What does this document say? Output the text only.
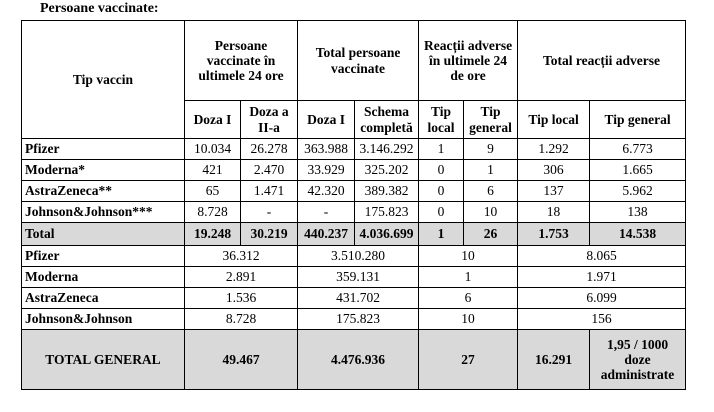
Persoane vaccinate:
Tip vaccin	Persoane vaccinate în ultimele 24 ore		Total persoane vaccinate		Reacții adverse în ultimele 24 de ore		Total reacții adverse	
	Doza I	Doza a II-a	Doza I	Schema completă	Tip local	Tip general	Tip local	Tip general
Pfizer	10.034	26.278	363.988	3.146.292	1	9	1.292	6.773
Moderna*	421	2.470	33.929	325.202	0	1	306	1.665
AstraZeneca**	65	1.471	42.320	389.382	0	6	137	5.962
Johnson&Johnson***	8.728	-	-	175.823	0	10	18	138
Total	19.248	30.219	440.237	4.036.699	1	26	1.753	14.538
Pfizer	36.312		3.510.280		10		8.065	
Moderna	2.891		359.131		1		1.971	
AstraZeneca	1.536		431.702		6		6.099	
Johnson&Johnson	8.728		175.823		10		156	
TOTAL GENERAL	49.467		4.476.936		27		16.291	1,95 / 1000 doze administrate
